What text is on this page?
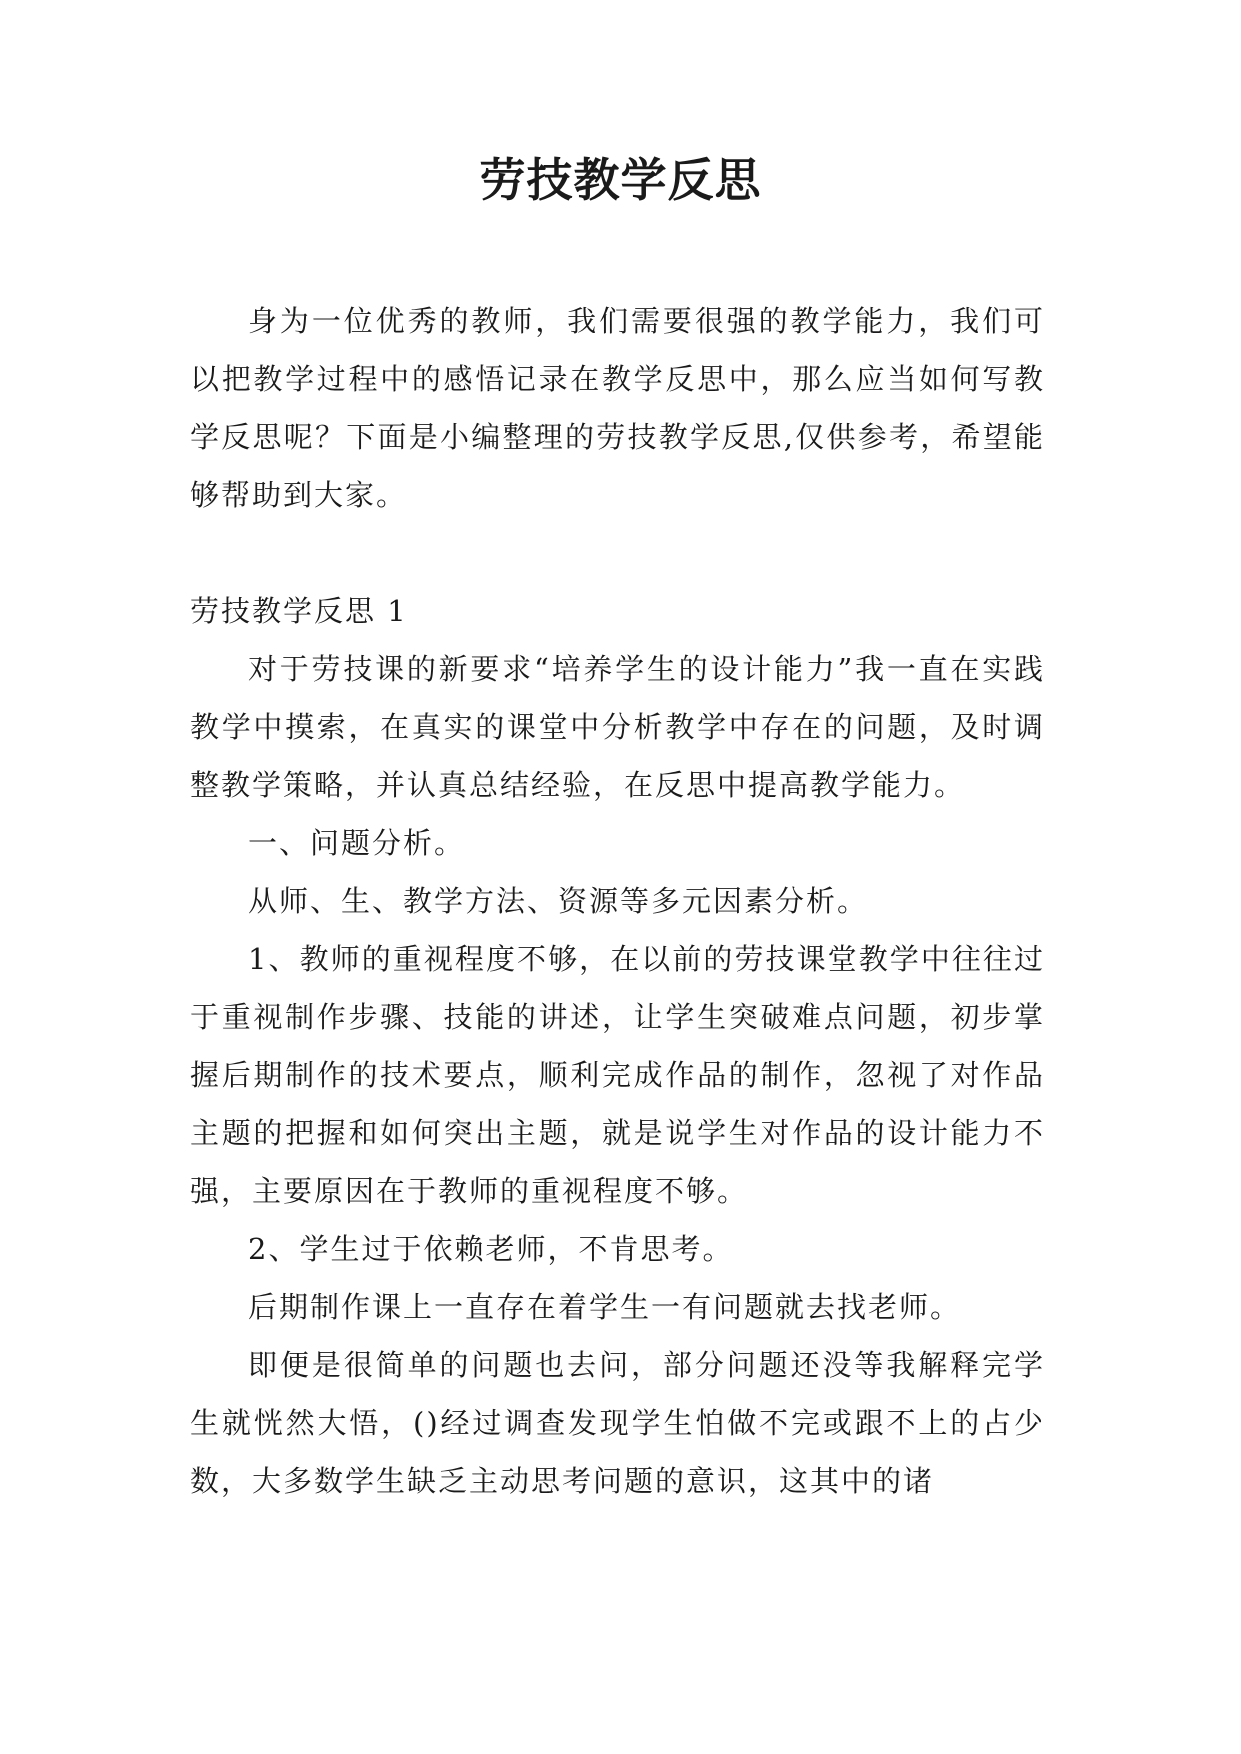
劳技教学反思

身为一位优秀的教师，我们需要很强的教学能力，我们可以把教学过程中的感悟记录在教学反思中，那么应当如何写教学反思呢？下面是小编整理的劳技教学反思,仅供参考，希望能够帮助到大家。

劳技教学反思 1

对于劳技课的新要求“培养学生的设计能力”我一直在实践教学中摸索，在真实的课堂中分析教学中存在的问题，及时调整教学策略，并认真总结经验，在反思中提高教学能力。

一、问题分析。

从师、生、教学方法、资源等多元因素分析。

1、教师的重视程度不够，在以前的劳技课堂教学中往往过于重视制作步骤、技能的讲述，让学生突破难点问题，初步掌握后期制作的技术要点，顺利完成作品的制作，忽视了对作品主题的把握和如何突出主题，就是说学生对作品的设计能力不强，主要原因在于教师的重视程度不够。

2、学生过于依赖老师，不肯思考。

后期制作课上一直存在着学生一有问题就去找老师。

即便是很简单的问题也去问，部分问题还没等我解释完学生就恍然大悟，()经过调查发现学生怕做不完或跟不上的占少数，大多数学生缺乏主动思考问题的意识，这其中的诸
